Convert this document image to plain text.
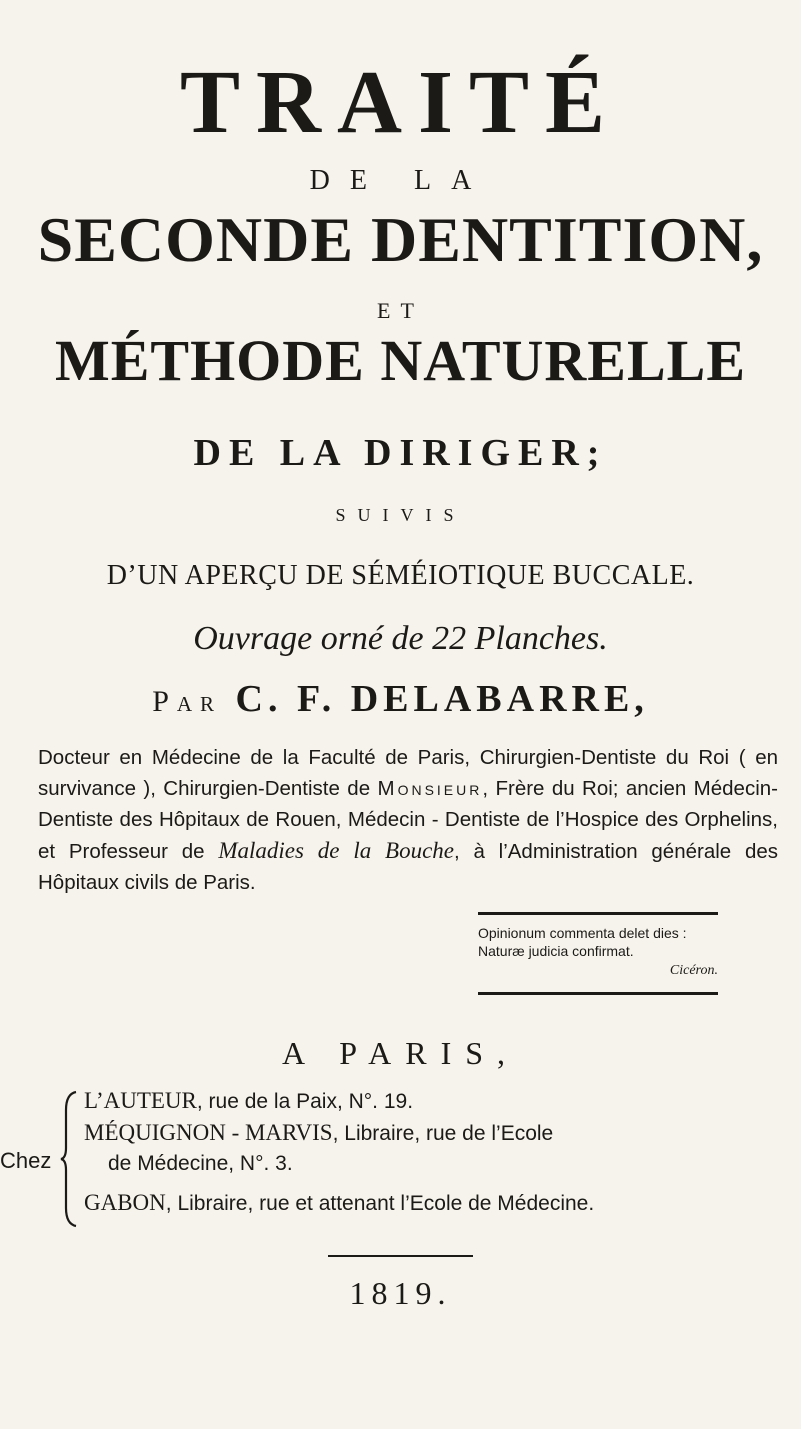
TRAITÉ
DE LA
SECONDE DENTITION,
ET
MÉTHODE NATURELLE
DE LA DIRIGER;
SUIVIS
D’UN APERÇU DE SÉMÉIOTIQUE BUCCALE.
Ouvrage orné de 22 Planches.
Par C. F. DELABARRE,
Docteur en Médecine de la Faculté de Paris, Chirurgien-Dentiste du Roi ( en survivance ), Chirurgien-Dentiste de Monsieur, Frère du Roi; ancien Médecin-Dentiste des Hôpitaux de Rouen, Médecin - Dentiste de l’Hospice des Orphelins, et Professeur de Maladies de la Bouche, à l’Administration générale des Hôpitaux civils de Paris.
Opinionum commenta delet dies :
Naturæ judicia confirmat.
Cicéron.
A PARIS,
Chez
L’AUTEUR, rue de la Paix, N°. 19.
MÉQUIGNON - MARVIS, Libraire, rue de l’Ecole
de Médecine, N°. 3.
GABON, Libraire, rue et attenant l’Ecole de Médecine.
1819.
